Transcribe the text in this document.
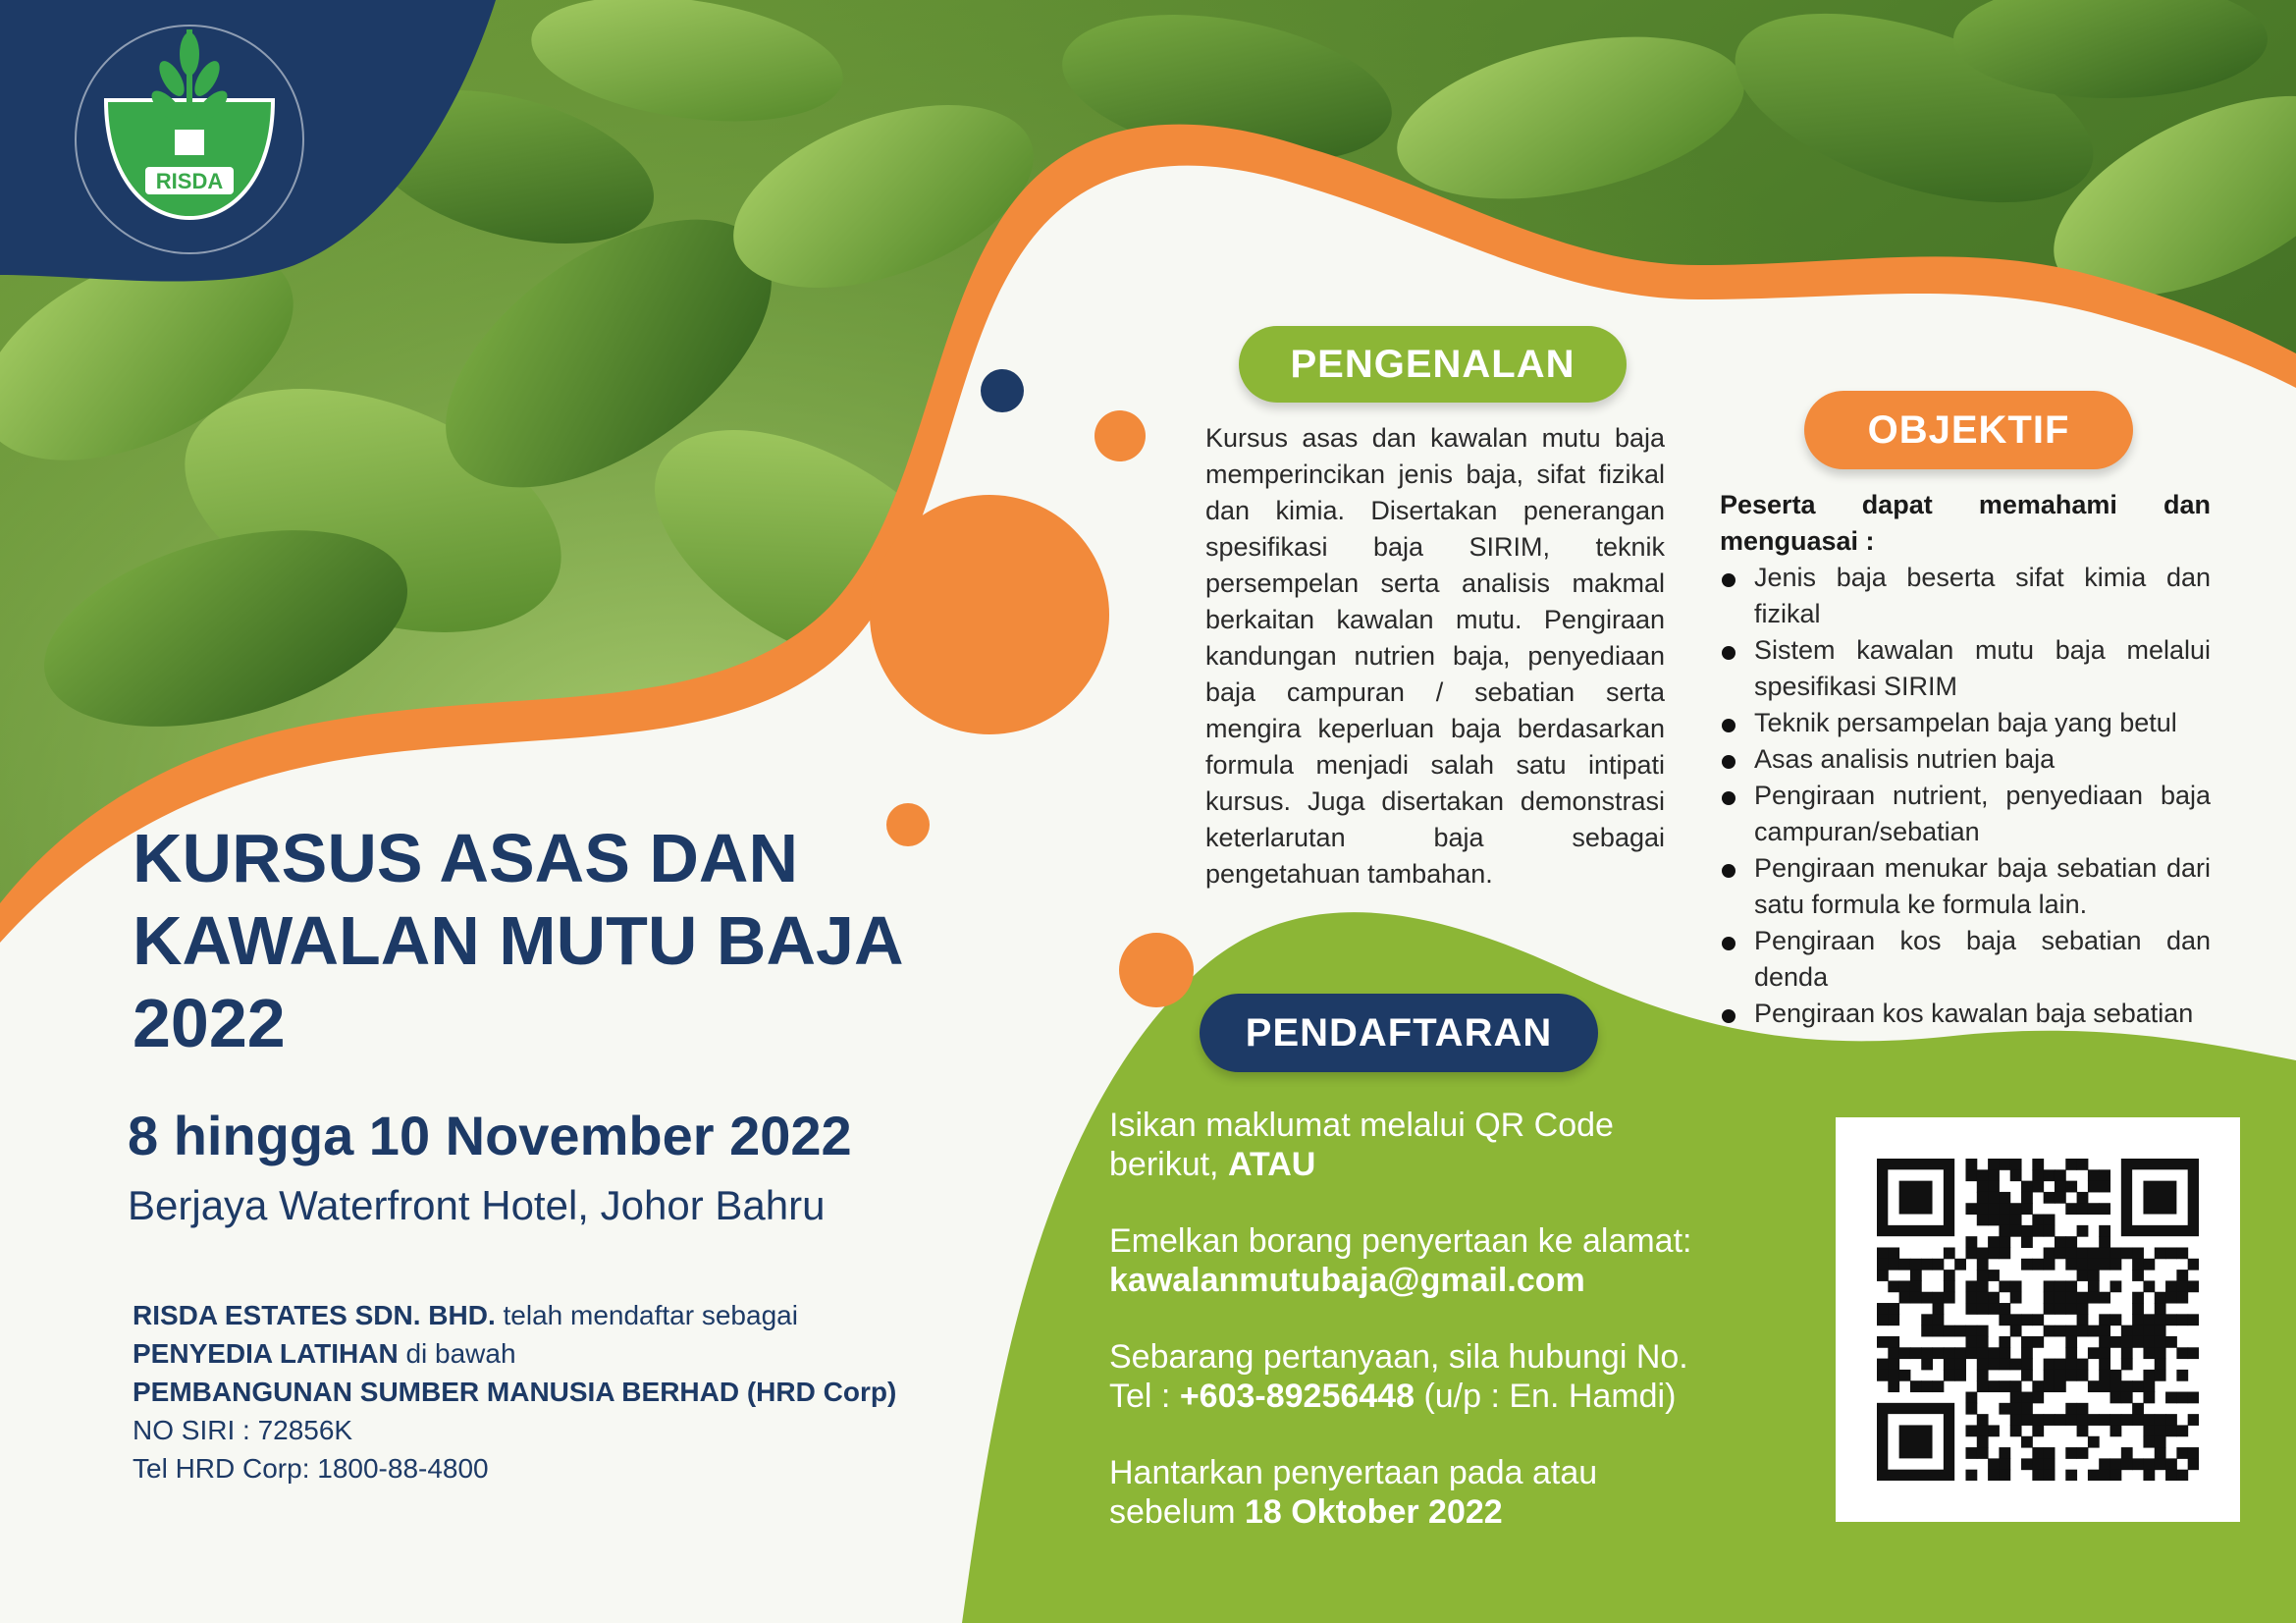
RISDA
PENGENALAN
Kursus asas dan kawalan mutu baja memperincikan jenis baja, sifat fizikal dan kimia. Disertakan penerangan spesifikasi baja SIRIM, teknik persempelan serta analisis makmal berkaitan kawalan mutu. Pengiraan kandungan nutrien baja, penyediaan baja campuran / sebatian serta mengira keperluan baja berdasarkan formula menjadi salah satu intipati kursus. Juga disertakan demonstrasi keterlarutan baja sebagai pengetahuan tambahan.
OBJEKTIF
Peserta dapat memahami dan menguasai :
Jenis baja beserta sifat kimia dan fizikal
Sistem kawalan mutu baja melalui spesifikasi SIRIM
Teknik persampelan baja yang betul
Asas analisis nutrien baja
Pengiraan nutrient, penyediaan baja campuran/sebatian
Pengiraan menukar baja sebatian dari satu formula ke formula lain.
Pengiraan kos baja sebatian dan denda
Pengiraan kos kawalan baja sebatian
KURSUS ASAS DAN
KAWALAN MUTU BAJA
2022
8 hingga 10 November 2022
Berjaya Waterfront Hotel, Johor Bahru
RISDA ESTATES SDN. BHD. telah mendaftar sebagai
PENYEDIA LATIHAN di bawah
PEMBANGUNAN SUMBER MANUSIA BERHAD (HRD Corp)
NO SIRI : 72856K
Tel HRD Corp: 1800-88-4800
PENDAFTARAN
Isikan maklumat melalui QR Code
berikut, ATAU
Emelkan borang penyertaan ke alamat:
kawalanmutubaja@gmail.com
Sebarang pertanyaan, sila hubungi No.
Tel : +603-89256448 (u/p : En. Hamdi)
Hantarkan penyertaan pada atau
sebelum 18 Oktober 2022
